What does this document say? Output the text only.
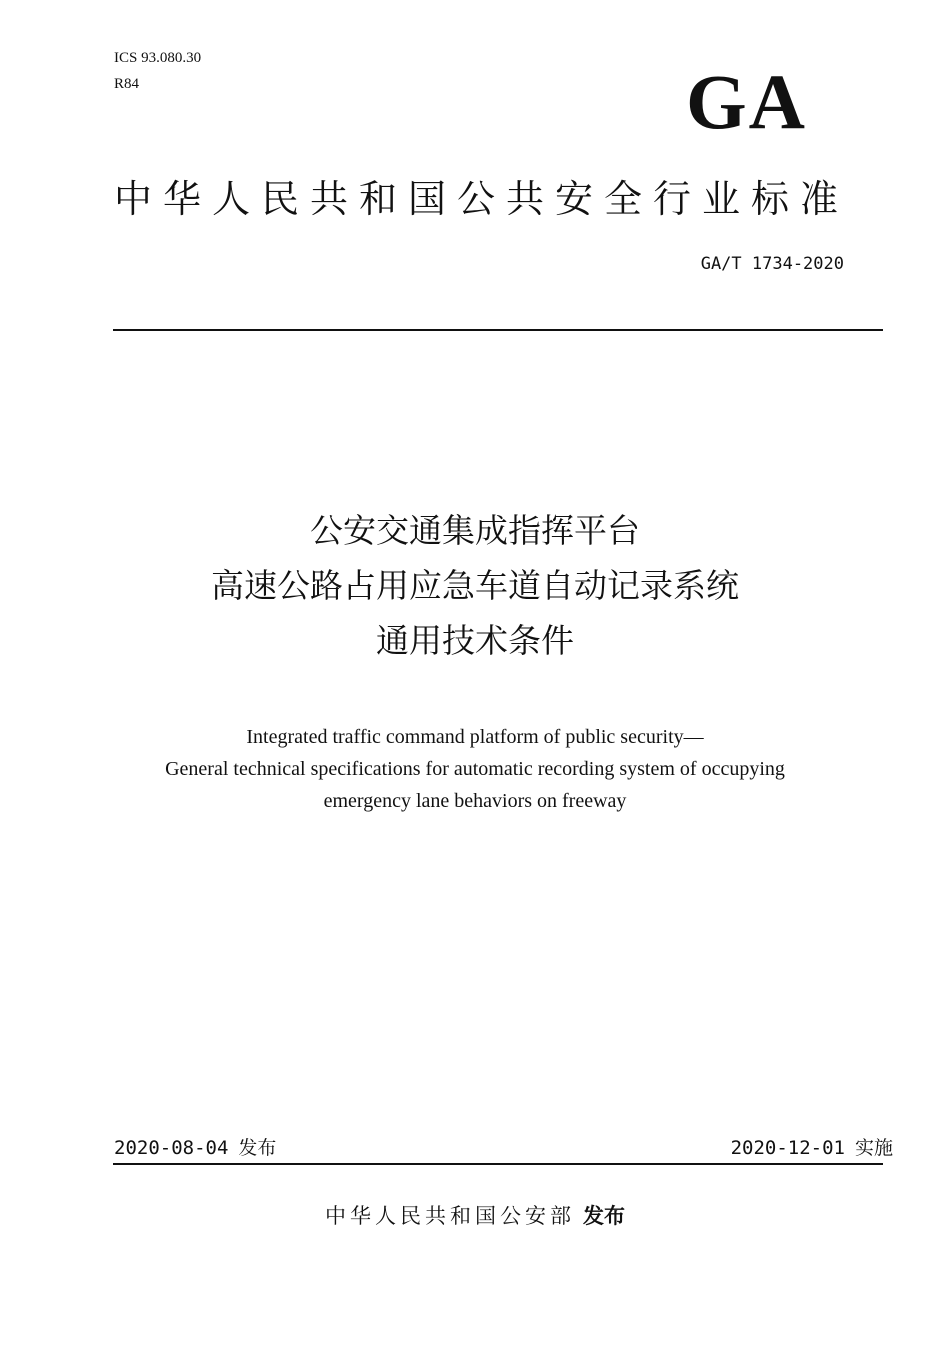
ICS 93.080.30
R84	GA
中华人民共和国公共安全行业标准
GA/T 1734-2020
公安交通集成指挥平台
高速公路占用应急车道自动记录系统
通用技术条件
Integrated traffic command platform of public security—
General technical specifications for automatic recording system of occupying
emergency lane behaviors on freeway
2020-08-04 发布	2020-12-01 实施
中华人民共和国公安部 发布
